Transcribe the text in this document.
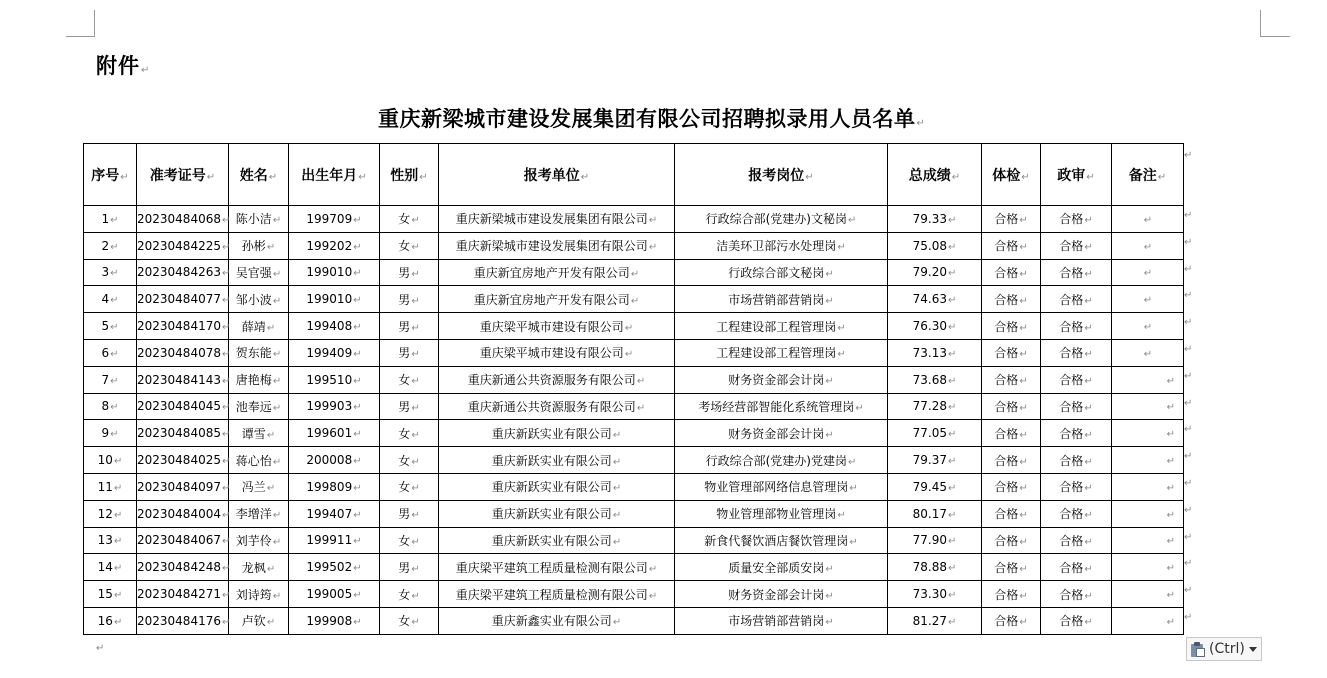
附件↵
重庆新梁城市建设发展集团有限公司招聘拟录用人员名单↵
序号↵	准考证号↵	姓名↵	出生年月↵	性别↵	报考单位↵	报考岗位↵	总成绩↵	体检↵	政审↵	备注↵
1↵	20230484068↵	陈小洁↵	199709↵	女↵	重庆新梁城市建设发展集团有限公司↵	行政综合部(党建办)文秘岗↵	79.33↵	合格↵	合格↵	↵
2↵	20230484225↵	孙彬↵	199202↵	女↵	重庆新梁城市建设发展集团有限公司↵	洁美环卫部污水处理岗↵	75.08↵	合格↵	合格↵	↵
3↵	20230484263↵	吴官强↵	199010↵	男↵	重庆新宜房地产开发有限公司↵	行政综合部文秘岗↵	79.20↵	合格↵	合格↵	↵
4↵	20230484077↵	邹小波↵	199010↵	男↵	重庆新宜房地产开发有限公司↵	市场营销部营销岗↵	74.63↵	合格↵	合格↵	↵
5↵	20230484170↵	薛靖↵	199408↵	男↵	重庆梁平城市建设有限公司↵	工程建设部工程管理岗↵	76.30↵	合格↵	合格↵	↵
6↵	20230484078↵	贺东能↵	199409↵	男↵	重庆梁平城市建设有限公司↵	工程建设部工程管理岗↵	73.13↵	合格↵	合格↵	↵
7↵	20230484143↵	唐艳梅↵	199510↵	女↵	重庆新通公共资源服务有限公司↵	财务资金部会计岗↵	73.68↵	合格↵	合格↵	↵
8↵	20230484045↵	池奉远↵	199903↵	男↵	重庆新通公共资源服务有限公司↵	考场经营部智能化系统管理岗↵	77.28↵	合格↵	合格↵	↵
9↵	20230484085↵	谭雪↵	199601↵	女↵	重庆新跃实业有限公司↵	财务资金部会计岗↵	77.05↵	合格↵	合格↵	↵
10↵	20230484025↵	蒋心怡↵	200008↵	女↵	重庆新跃实业有限公司↵	行政综合部(党建办)党建岗↵	79.37↵	合格↵	合格↵	↵
11↵	20230484097↵	冯兰↵	199809↵	女↵	重庆新跃实业有限公司↵	物业管理部网络信息管理岗↵	79.45↵	合格↵	合格↵	↵
12↵	20230484004↵	李增洋↵	199407↵	男↵	重庆新跃实业有限公司↵	物业管理部物业管理岗↵	80.17↵	合格↵	合格↵	↵
13↵	20230484067↵	刘芋伶↵	199911↵	女↵	重庆新跃实业有限公司↵	新食代餐饮酒店餐饮管理岗↵	77.90↵	合格↵	合格↵	↵
14↵	20230484248↵	龙枫↵	199502↵	男↵	重庆梁平建筑工程质量检测有限公司↵	质量安全部质安岗↵	78.88↵	合格↵	合格↵	↵
15↵	20230484271↵	刘诗筠↵	199005↵	女↵	重庆梁平建筑工程质量检测有限公司↵	财务资金部会计岗↵	73.30↵	合格↵	合格↵	↵
16↵	20230484176↵	卢钦↵	199908↵	女↵	重庆新鑫实业有限公司↵	市场营销部营销岗↵	81.27↵	合格↵	合格↵	↵
↵
↵
↵
↵
↵
↵
↵
↵
↵
↵
↵
↵
↵
↵
↵
↵
↵
↵	(Ctrl)
